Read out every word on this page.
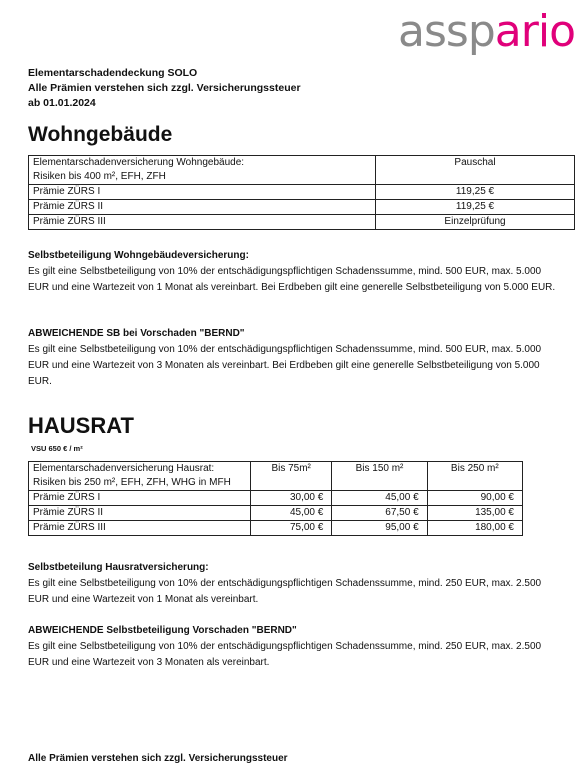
asspario
Elementarschadendeckung SOLO
Alle Prämien verstehen sich zzgl. Versicherungssteuer
ab 01.01.2024
Wohngebäude
Elementarschadenversicherung Wohngebäude:
Risiken bis 400 m², EFH, ZFH	Pauschal
Prämie ZÜRS I	119,25 €
Prämie ZÜRS II	119,25 €
Prämie ZÜRS III	Einzelprüfung
Selbstbeteiligung Wohngebäudeversicherung:
Es gilt eine Selbstbeteiligung von 10% der entschädigungspflichtigen Schadenssumme, mind. 500 EUR, max. 5.000 EUR und eine Wartezeit von 1 Monat als vereinbart. Bei Erdbeben gilt eine generelle Selbstbeteiligung von 5.000 EUR.
ABWEICHENDE SB bei Vorschaden "BERND"
Es gilt eine Selbstbeteiligung von 10% der entschädigungspflichtigen Schadenssumme, mind. 500 EUR, max. 5.000 EUR und eine Wartezeit von 3 Monaten als vereinbart. Bei Erdbeben gilt eine generelle Selbstbeteiligung von 5.000 EUR.
HAUSRAT
VSU 650 € / m²
Elementarschadenversicherung Hausrat:
Risiken bis 250 m², EFH, ZFH, WHG in MFH	Bis 75m²	Bis 150 m²	Bis 250 m²
Prämie ZÜRS I	30,00 €	45,00 €	90,00 €
Prämie ZÜRS II	45,00 €	67,50 €	135,00 €
Prämie ZÜRS III	75,00 €	95,00 €	180,00 €
Selbstbeteilung Hausratversicherung:
Es gilt eine Selbstbeteiligung von 10% der entschädigungspflichtigen Schadenssumme, mind. 250 EUR, max. 2.500 EUR und eine Wartezeit von 1 Monat als vereinbart.
ABWEICHENDE Selbstbeteiligung Vorschaden "BERND"
Es gilt eine Selbstbeteiligung von 10% der entschädigungspflichtigen Schadenssumme, mind. 250 EUR, max. 2.500 EUR und eine Wartezeit von 3 Monaten als vereinbart.
Alle Prämien verstehen sich zzgl. Versicherungssteuer
